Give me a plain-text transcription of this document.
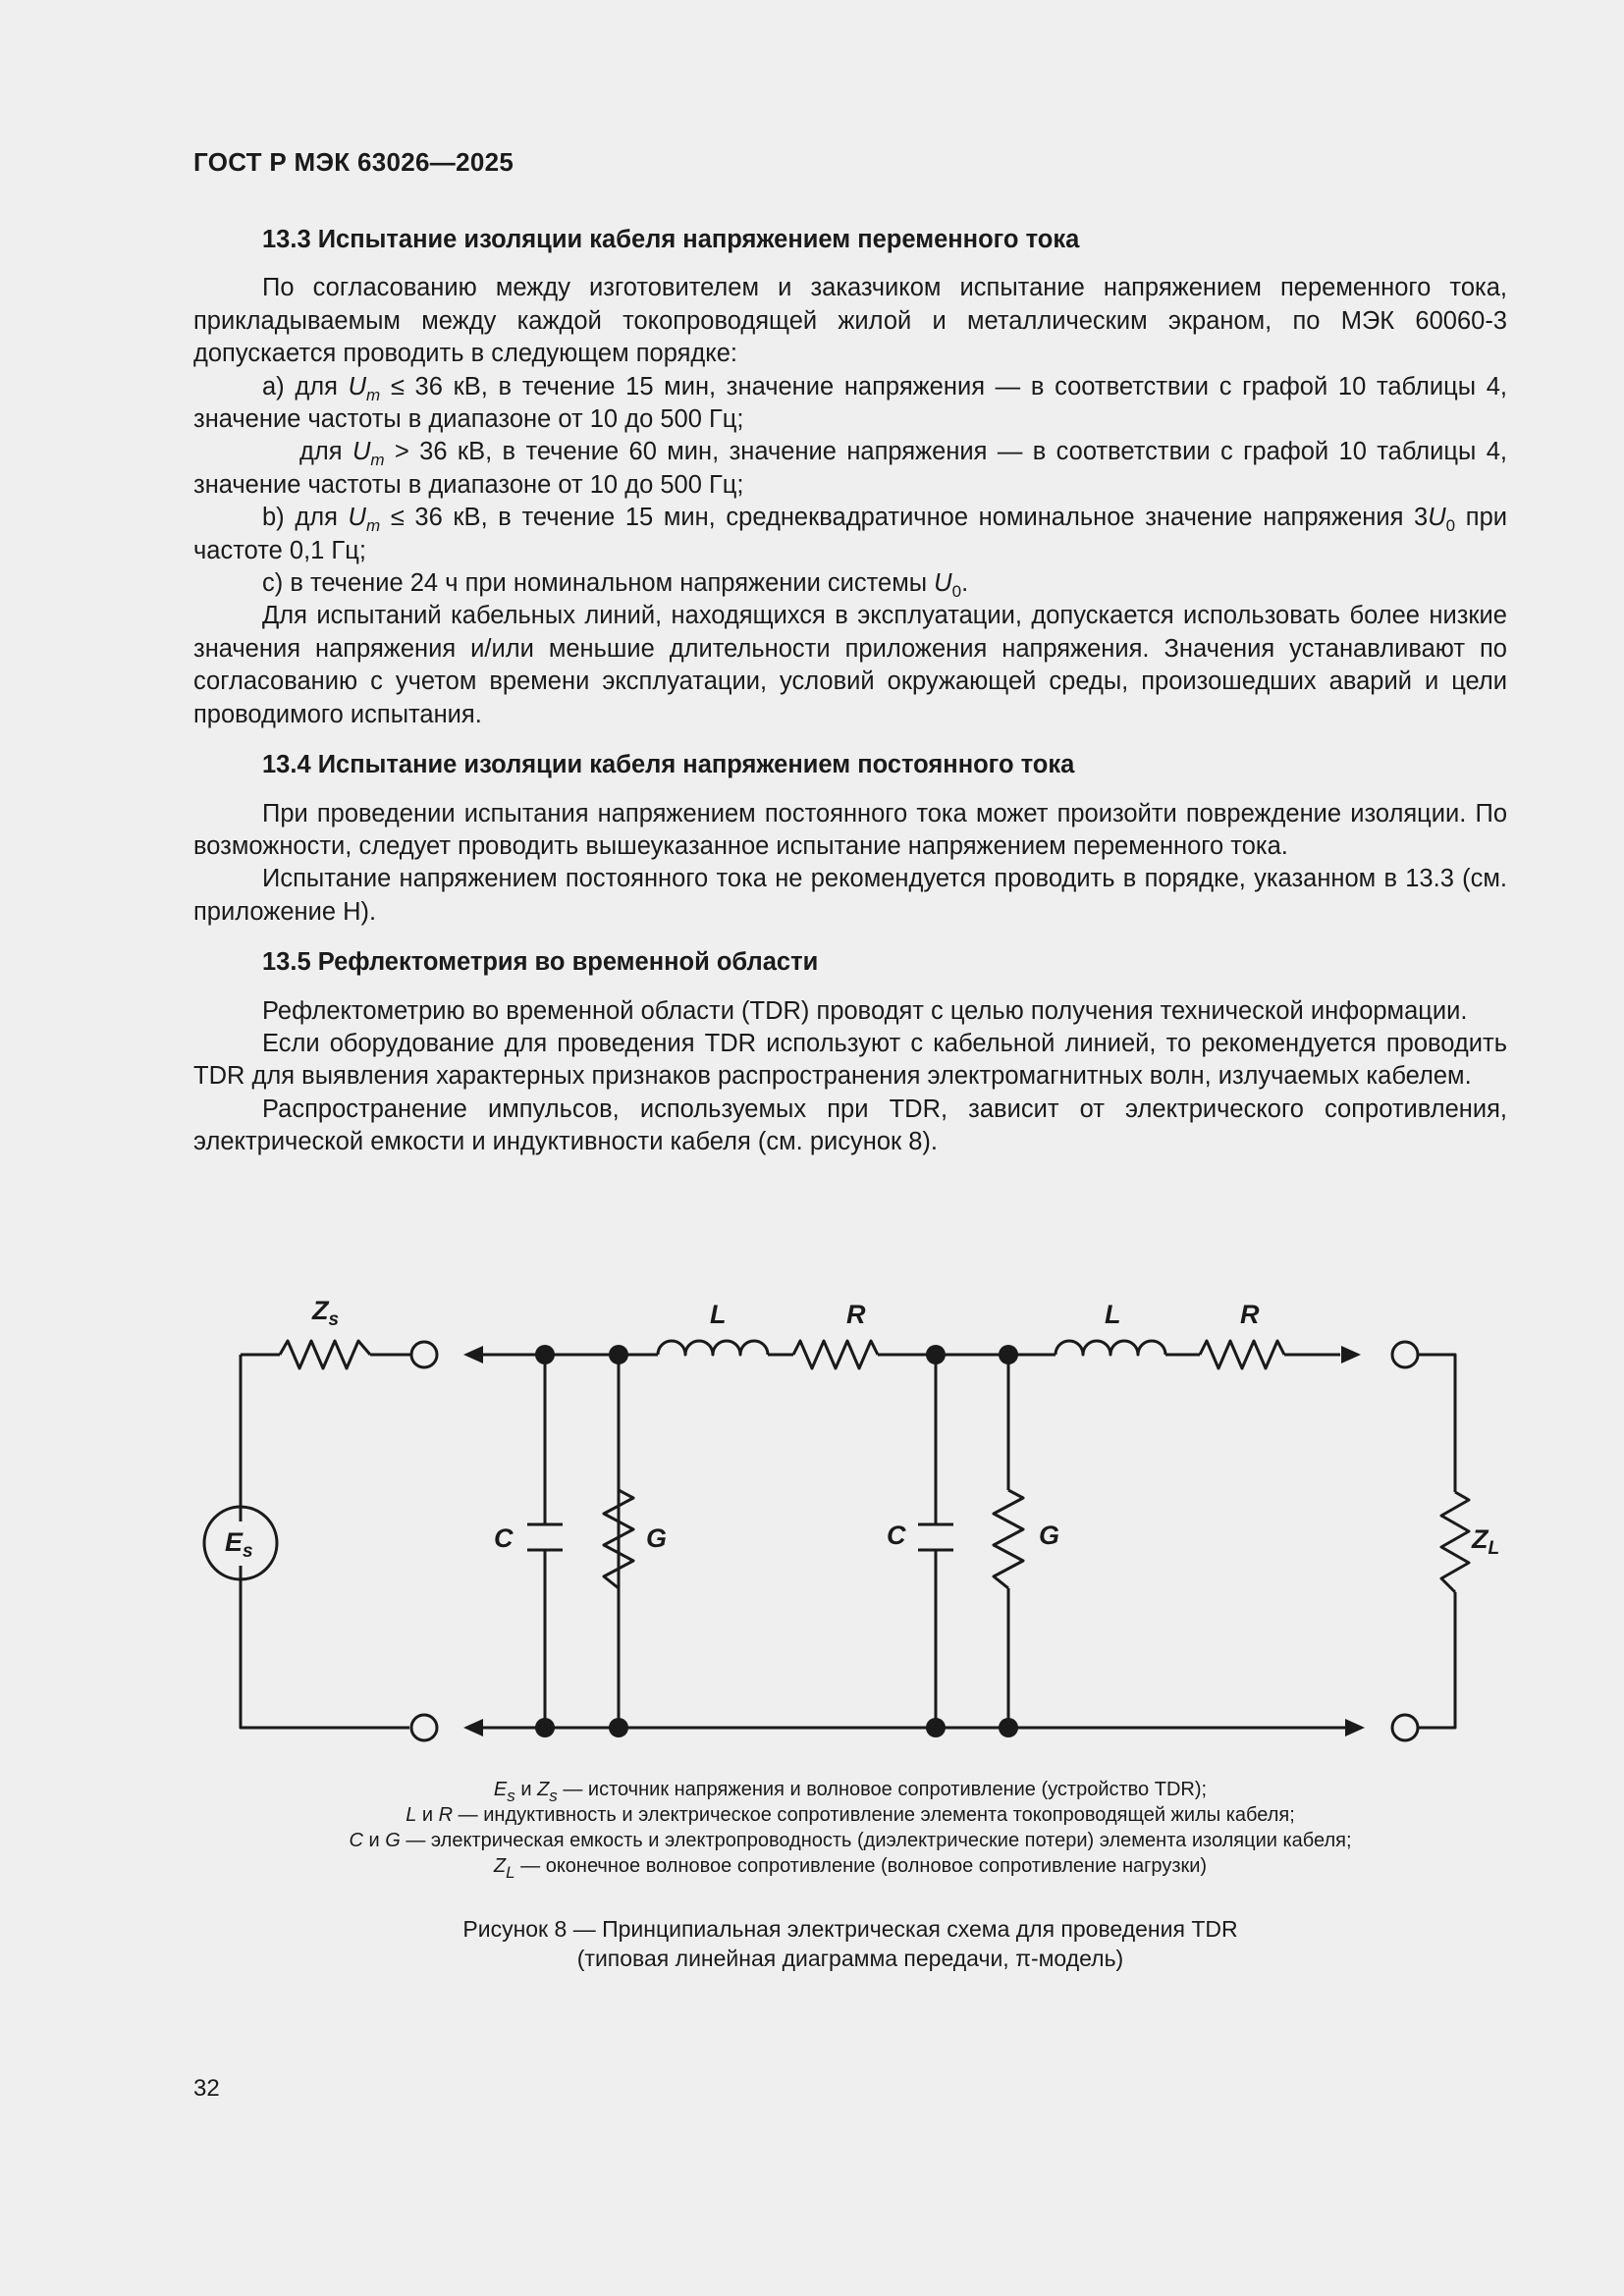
ГОСТ Р МЭК 63026—2025

13.3 Испытание изоляции кабеля напряжением переменного тока

По согласованию между изготовителем и заказчиком испытание напряжением переменного тока, прикладываемым между каждой токопроводящей жилой и металлическим экраном, по МЭК 60060-3 допускается проводить в следующем порядке:

a) для $U_m \le 36$ кВ, в течение 15 мин, значение напряжения — в соответствии с графой 10 таблицы 4, значение частоты в диапазоне от 10 до 500 Гц;

для $U_m > 36$ кВ, в течение 60 мин, значение напряжения — в соответствии с графой 10 таблицы 4, значение частоты в диапазоне от 10 до 500 Гц;

b) для $U_m \le 36$ кВ, в течение 15 мин, среднеквадратичное номинальное значение напряжения $3U_0$ при частоте 0,1 Гц;

c) в течение 24 ч при номинальном напряжении системы $U_0$.

Для испытаний кабельных линий, находящихся в эксплуатации, допускается использовать более низкие значения напряжения и/или меньшие длительности приложения напряжения. Значения устанавливают по согласованию с учетом времени эксплуатации, условий окружающей среды, произошедших аварий и цели проводимого испытания.

13.4 Испытание изоляции кабеля напряжением постоянного тока

При проведении испытания напряжением постоянного тока может произойти повреждение изоляции. По возможности, следует проводить вышеуказанное испытание напряжением переменного тока.

Испытание напряжением постоянного тока не рекомендуется проводить в порядке, указанном в 13.3 (см. приложение Н).

13.5 Рефлектометрия во временной области

Рефлектометрию во временной области (TDR) проводят с целью получения технической информации.

Если оборудование для проведения TDR используют с кабельной линией, то рекомендуется проводить TDR для выявления характерных признаков распространения электромагнитных волн, излучаемых кабелем.

Распространение импульсов, используемых при TDR, зависит от электрического сопротивления, электрической емкости и индуктивности кабеля (см. рисунок 8).

$Z_s$
$E_s$
L	R	L	R
C	G	C	G	$Z_L$
$E_s$ и $Z_s$ — источник напряжения и волновое сопротивление (устройство TDR);
L и R — индуктивность и электрическое сопротивление элемента токопроводящей жилы кабеля;
C и G — электрическая емкость и электропроводность (диэлектрические потери) элемента изоляции кабеля;
$Z_L$ — оконечное волновое сопротивление (волновое сопротивление нагрузки)
Рисунок 8 — Принципиальная электрическая схема для проведения TDR
(типовая линейная диаграмма передачи, π-модель)
32
